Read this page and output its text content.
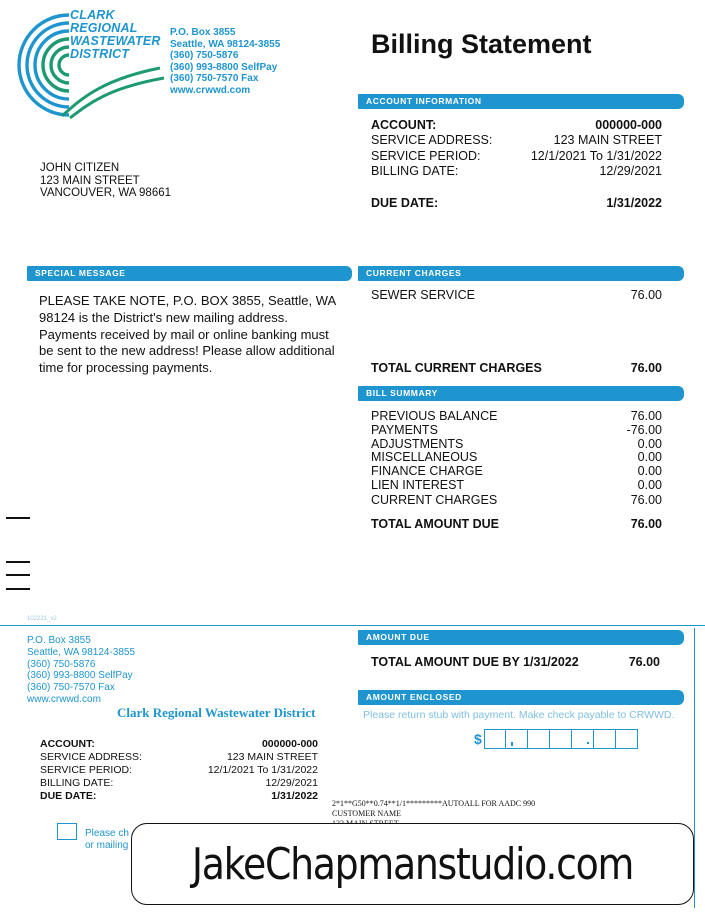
CLARK
REGIONAL
WASTEWATER
DISTRICT
P.O. Box 3855
Seattle, WA 98124-3855
(360) 750-5876
(360) 993-8800 SelfPay
(360) 750-7570 Fax
www.crwwd.com
Billing Statement
JOHN CITIZEN
123 MAIN STREET
VANCOUVER, WA 98661
ACCOUNT INFORMATION
ACCOUNT:	000000-000
SERVICE ADDRESS:	123 MAIN STREET
SERVICE PERIOD:	12/1/2021 To 1/31/2022
BILLING DATE:	12/29/2021
DUE DATE:	1/31/2022
SPECIAL MESSAGE
PLEASE TAKE NOTE, P.O. BOX 3855, Seattle, WA 98124 is the District's new mailing address. Payments received by mail or online banking must be sent to the new address! Please allow additional time for processing payments.
CURRENT CHARGES
SEWER SERVICE	76.00
TOTAL CURRENT CHARGES	76.00
BILL SUMMARY
PREVIOUS BALANCE	76.00
PAYMENTS	-76.00
ADJUSTMENTS	0.00
MISCELLANEOUS	0.00
FINANCE CHARGE	0.00
LIEN INTEREST	0.00
CURRENT CHARGES	76.00
TOTAL AMOUNT DUE	76.00
102221_v2
P.O. Box 3855
Seattle, WA 98124-3855
(360) 750-5876
(360) 993-8800 SelfPay
(360) 750-7570 Fax
www.crwwd.com
Clark Regional Wastewater District
ACCOUNT:	000000-000
SERVICE ADDRESS:	123 MAIN STREET
SERVICE PERIOD:	12/1/2021 To 1/31/2022
BILLING DATE:	12/29/2021
DUE DATE:	1/31/2022
Please ch
or mailing
AMOUNT DUE
TOTAL AMOUNT DUE BY 1/31/2022	76.00
AMOUNT ENCLOSED
Please return stub with payment. Make check payable to CRWWD.
$
2*1**G50**0.74**1/1*********AUTOALL FOR AADC 990
CUSTOMER NAME
JakeChapmanstudio.com
